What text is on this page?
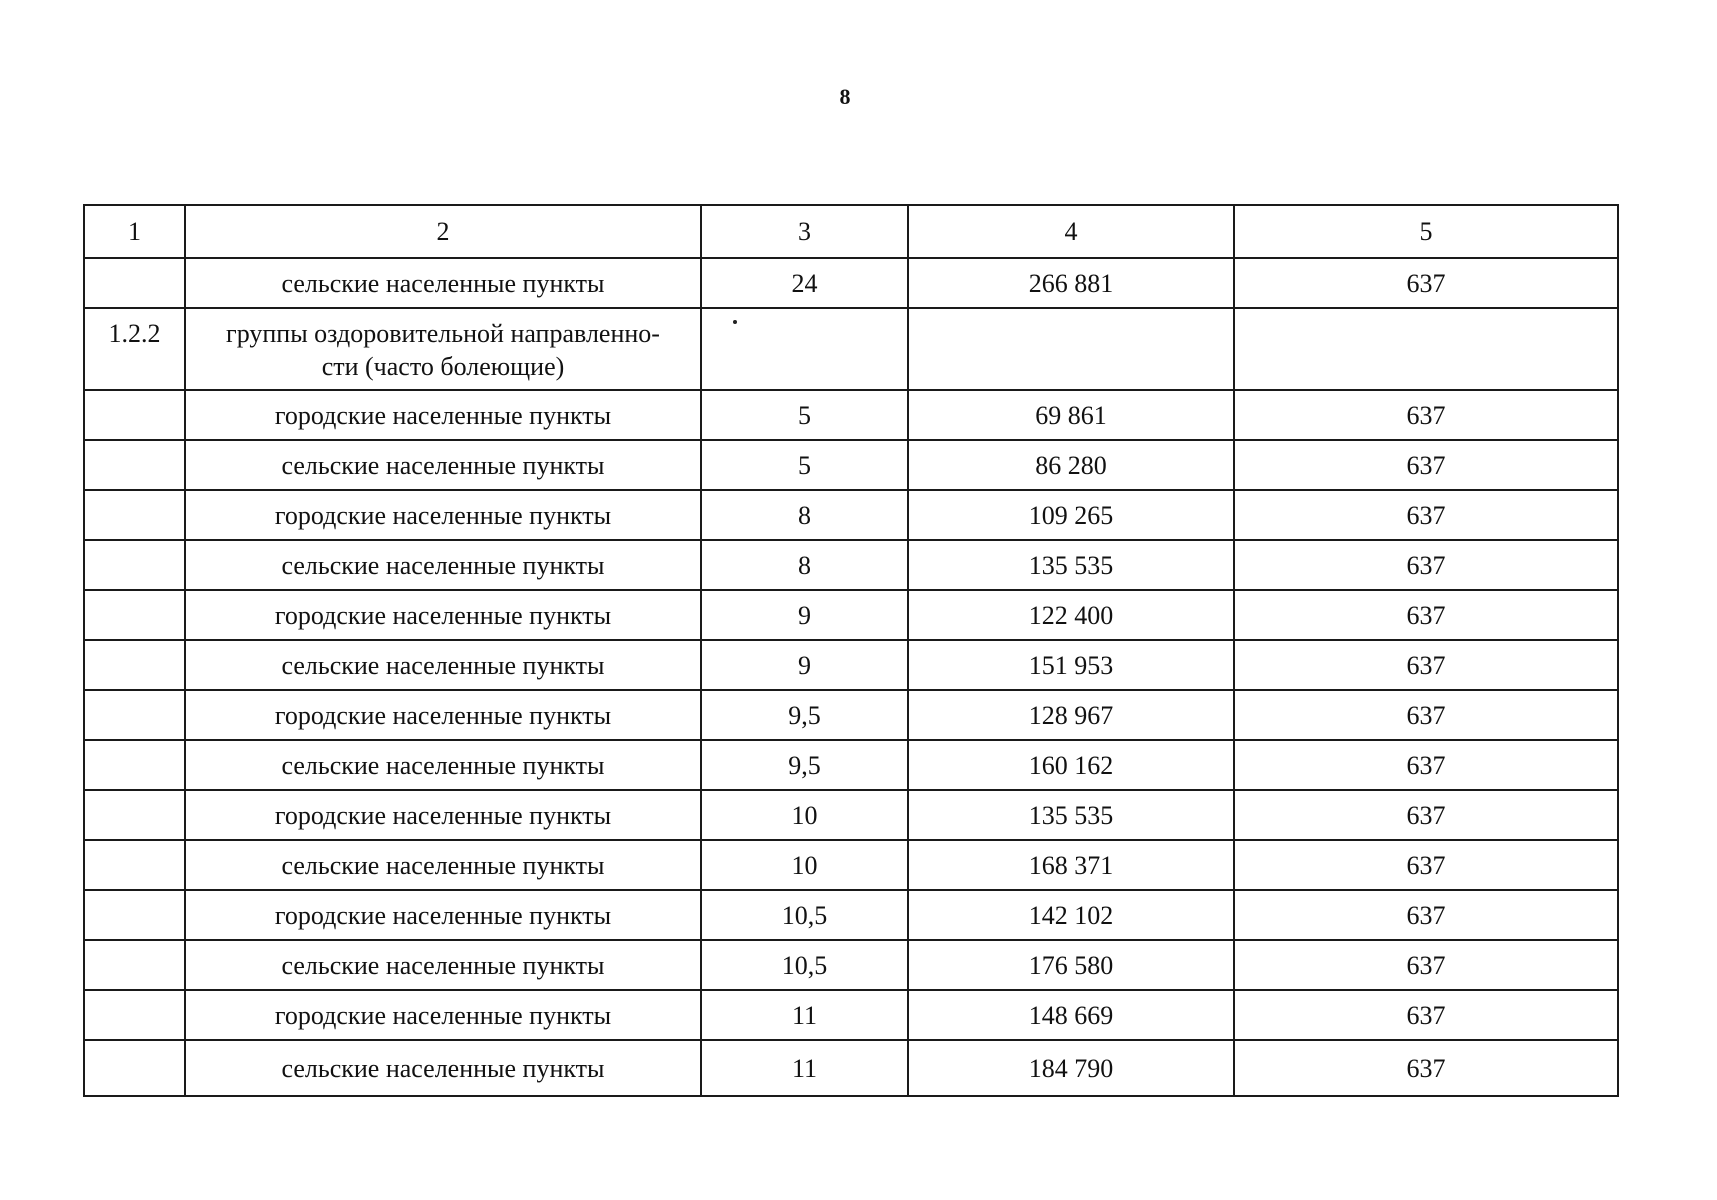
8
1	2	3	4	5
	сельские населенные пункты	24	266 881	637
1.2.2	группы оздоровительной направленно-
сти (часто болеющие)			

	городские населенные пункты	5	69 861	637
	сельские населенные пункты	5	86 280	637
	городские населенные пункты	8	109 265	637
	сельские населенные пункты	8	135 535	637
	городские населенные пункты	9	122 400	637
	сельские населенные пункты	9	151 953	637
	городские населенные пункты	9,5	128 967	637
	сельские населенные пункты	9,5	160 162	637
	городские населенные пункты	10	135 535	637
	сельские населенные пункты	10	168 371	637
	городские населенные пункты	10,5	142 102	637
	сельские населенные пункты	10,5	176 580	637
	городские населенные пункты	11	148 669	637
	сельские населенные пункты	11	184 790	637
